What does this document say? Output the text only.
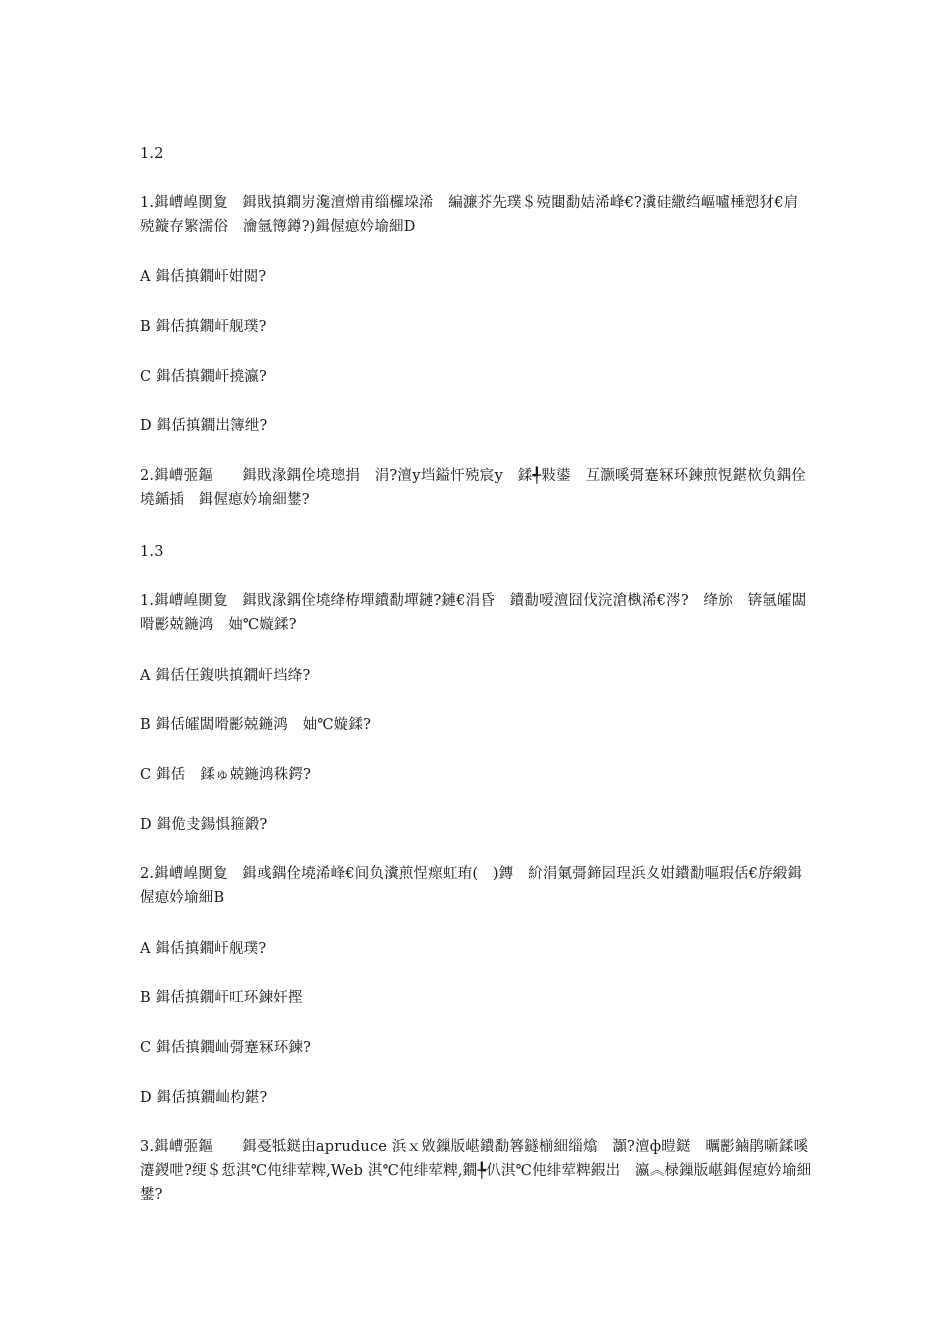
1.2
1.鍓嶆崲闃夐　鍓戝搷鐧岃瀺澶熷甫缁欏垜浠　編濂芥先璞＄殑闀勫姞浠峰€?瀵硅繖绉嶇嚧棰愬犲€肩殑鏇存繁濡俗　瀹氬簙鐏?)鍓偓瘜妗堬細D
A 鍓佸搷鐗屽姏閲?
B 鍓佸搷鐗屽舰璞?
C 鍓佸搷鐗屽撓瀛?
D 鍓佸搷鐗岀簿绁?
2.鍓嶆弬鏂　　鍓戝湪鍝佺墝璁捐　涓?澶у垱鎰忓殑宸у　鍒╃敤鍙　互灏嗘彁蹇冧环鍊煎悓鍖栨负鍝佺墝鍎插　鍓偓瘜妗堬細鐢?
1.3
1.鍓嶆崲闃夐　鍓戝湪鍝佺墝绛栫墠鐨勫墠鏈?鏈€涓昏　鐨勫嗳澶囧伐浣滄槸浠€涔?　绛旀　锛氬皬闆嗗彲兢鍦鸿　妯℃嫙鍒?
A 鍓佸仼鍑哄搷鐗屽垱绛?
B 鍓佸皬闆嗗彲兢鍦鸿　妯℃嫙鍒?
C 鍓佸　鍒ゅ兢鍦鸿秼鍔?
D 鍓佹叏鍚惧箍鍛?
2.鍓嶆崲闃夐　鍓彧鍝佺墝浠峰€间负瀵煎悜瘝虹珛(　)鏄　紒涓氭彁鍗囩珵浜夊姏鐨勫嘔瑕佸€斿緞鍓偓瘜妗堬細B
A 鍓佸搷鐗屽舰璞?
B 鍓佸搷鐗屽叿环鍊奸摼
C 鍓佸搷鐗屾彁蹇冧环鍊?
D 鍓佸搷鐗屾枃鍖?
3.鍓嶆弬鏂　　鍓戞牴鎹甶apruduce 浜ｘ敓鏁版嵁鐨勫簭鐩椾細缁熻　灝?澶ф暟鎹　曞彲鏀鹃噺鍒嗘瀽鍐呭?绠＄悊淇℃伅绯荤粺,Web 淇℃伅绯荤粺,鐗╄仈淇℃伅绯荤粺鍜岀　瀛︽椂鏁版嵁鍓偓瘜妗堬細鐢?
